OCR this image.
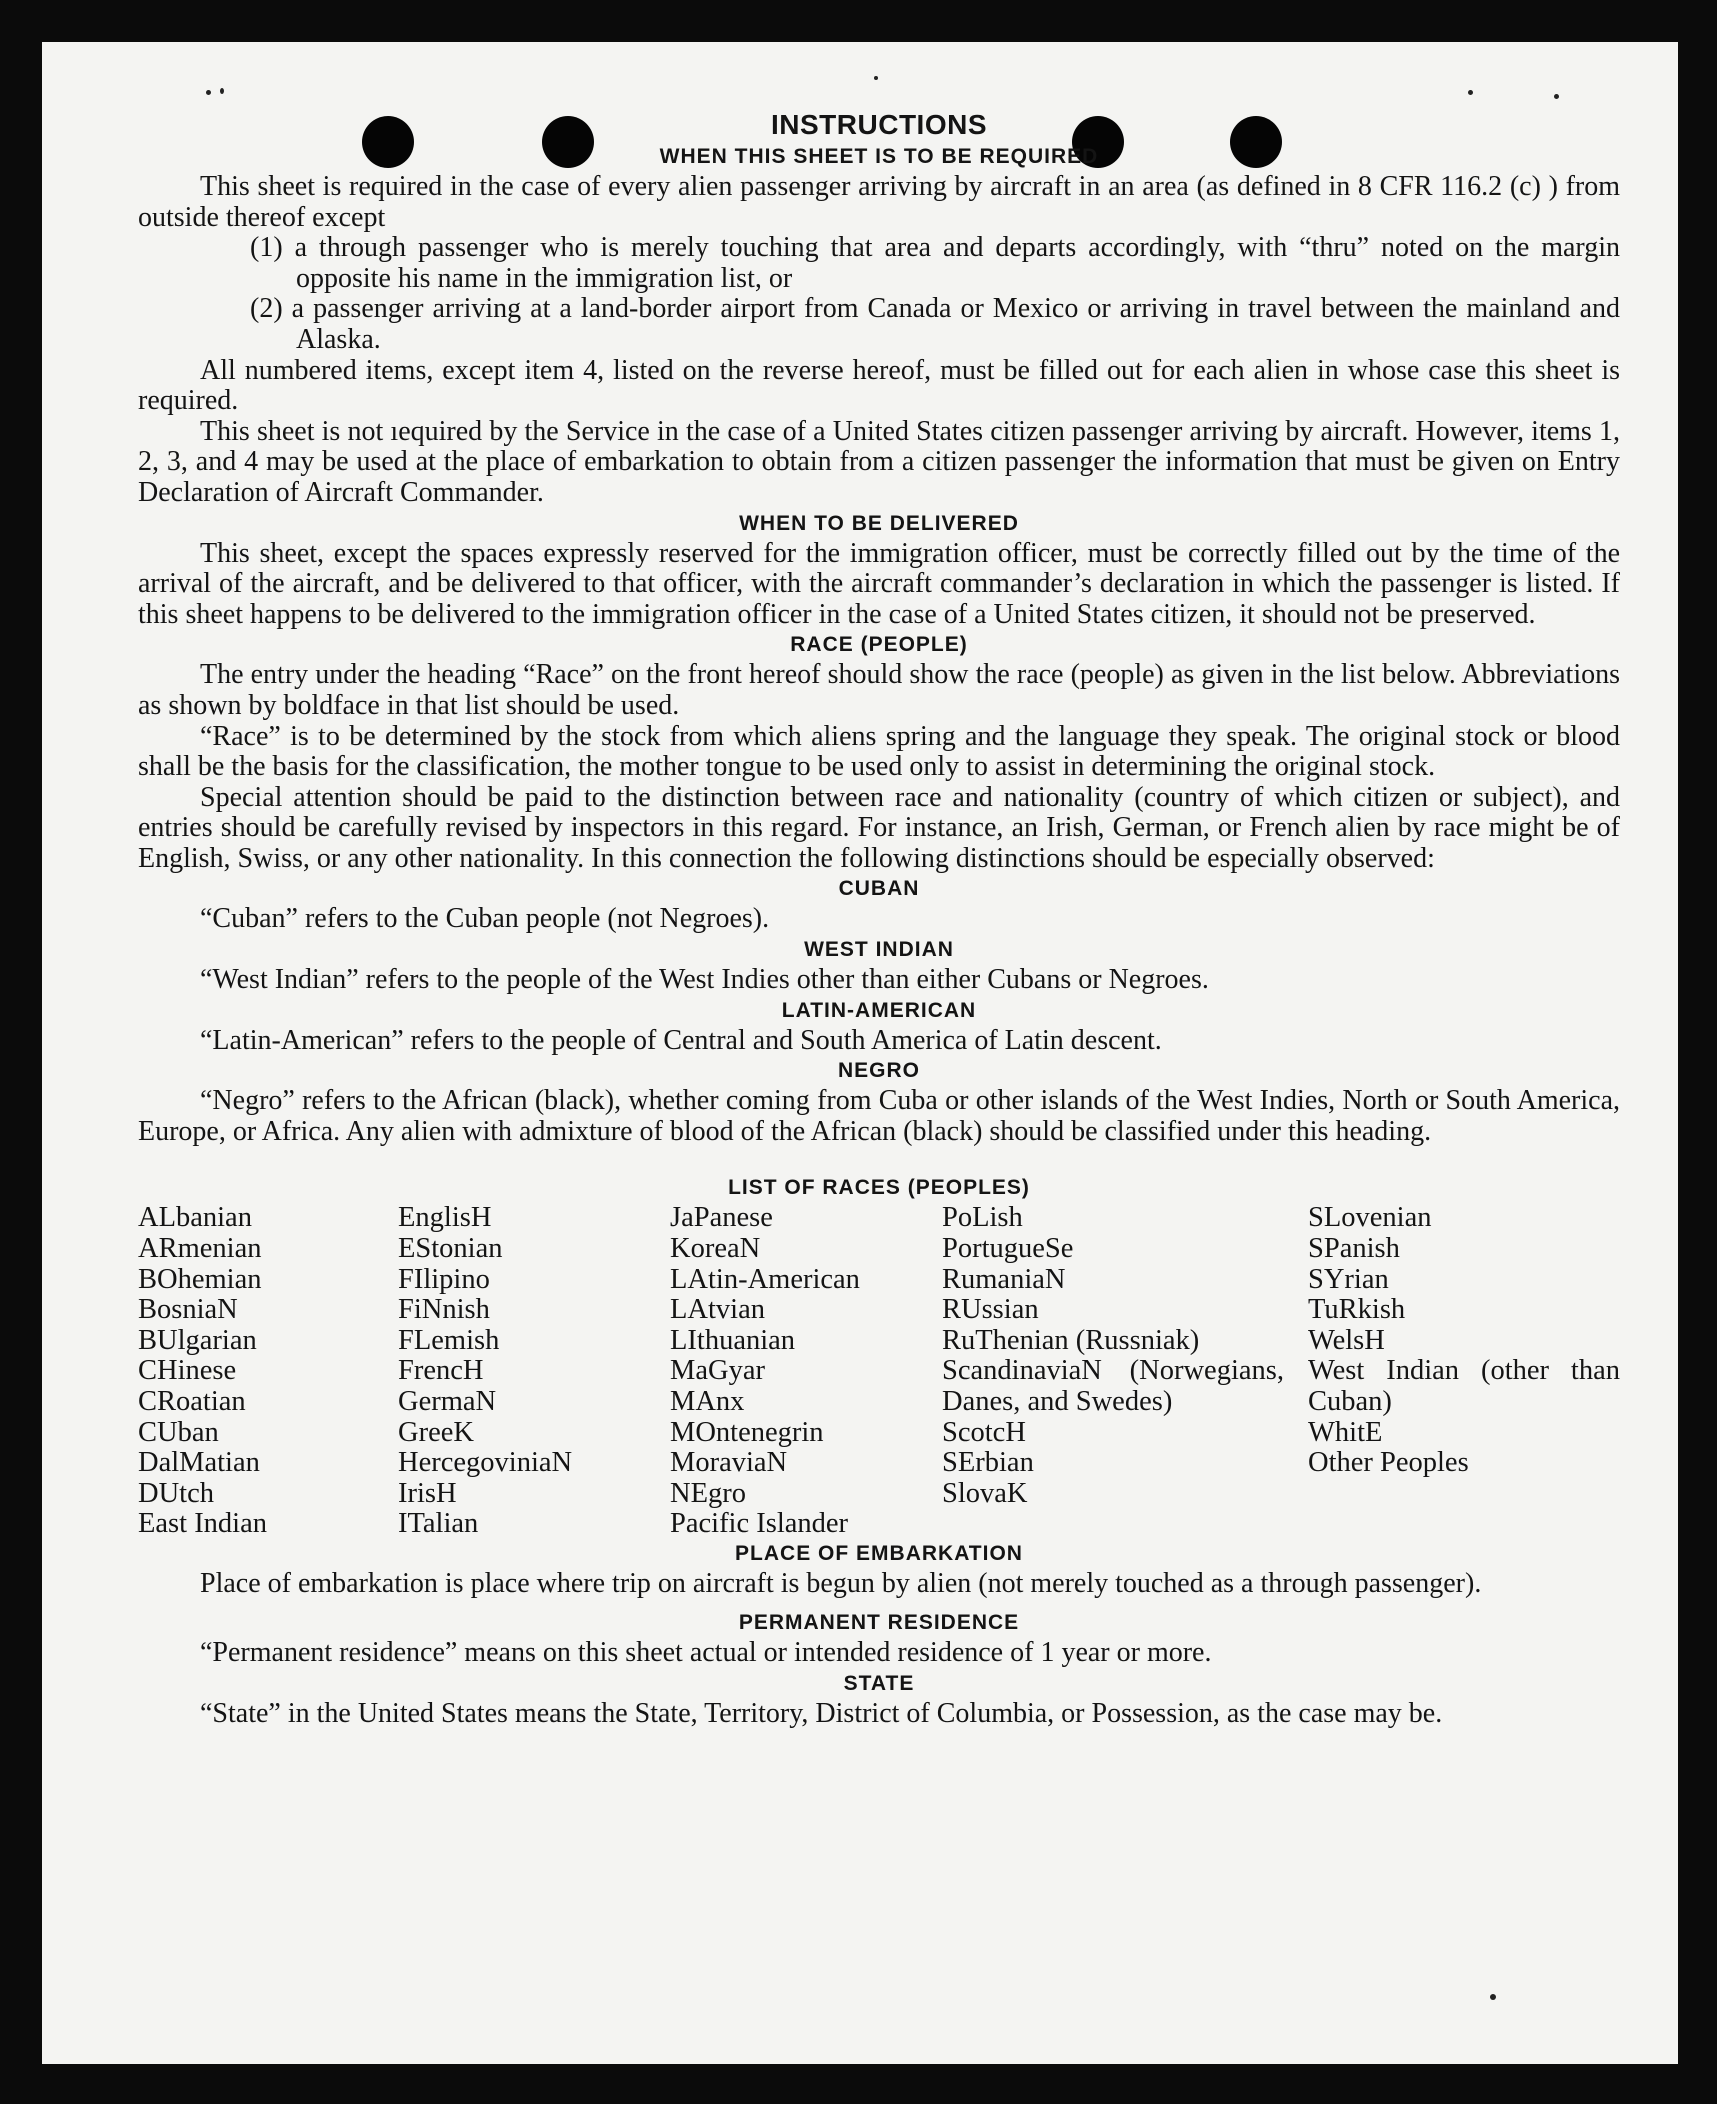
INSTRUCTIONS
WHEN THIS SHEET IS TO BE REQUIRED

This sheet is required in the case of every alien passenger arriving by aircraft in an area (as defined in 8 CFR 116.2 (c) ) from outside thereof except

(1) a through passenger who is merely touching that area and departs accordingly, with “thru” noted on the margin opposite his name in the immigration list, or

(2) a passenger arriving at a land-border airport from Canada or Mexico or arriving in travel between the mainland and Alaska.

All numbered items, except item 4, listed on the reverse hereof, must be filled out for each alien in whose case this sheet is required.

This sheet is not ıequired by the Service in the case of a United States citizen passenger arriving by aircraft. However, items 1, 2, 3, and 4 may be used at the place of embarkation to obtain from a citizen passenger the information that must be given on Entry Declaration of Aircraft Commander.

WHEN TO BE DELIVERED

This sheet, except the spaces expressly reserved for the immigration officer, must be correctly filled out by the time of the arrival of the aircraft, and be delivered to that officer, with the aircraft commander’s declaration in which the passenger is listed. If this sheet happens to be delivered to the immigration officer in the case of a United States citizen, it should not be preserved.

RACE (PEOPLE)

The entry under the heading “Race” on the front hereof should show the race (people) as given in the list below. Abbreviations as shown by boldface in that list should be used.

“Race” is to be determined by the stock from which aliens spring and the language they speak. The original stock or blood shall be the basis for the classification, the mother tongue to be used only to assist in determining the original stock.

Special attention should be paid to the distinction between race and nationality (country of which citizen or subject), and entries should be carefully revised by inspectors in this regard. For instance, an Irish, German, or French alien by race might be of English, Swiss, or any other nationality. In this connection the following distinctions should be especially observed:

CUBAN

“Cuban” refers to the Cuban people (not Negroes).

WEST INDIAN

“West Indian” refers to the people of the West Indies other than either Cubans or Negroes.

LATIN-AMERICAN

“Latin-American” refers to the people of Central and South America of Latin descent.

NEGRO

“Negro” refers to the African (black), whether coming from Cuba or other islands of the West Indies, North or South America, Europe, or Africa. Any alien with admixture of blood of the African (black) should be classified under this heading.

LIST OF RACES (PEOPLES)
ALbanian
ARmenian
BOhemian
BosniaN
BUlgarian
CHinese
CRoatian
CUban
DalMatian
DUtch
East Indian
EnglisH
EStonian
FIlipino
FiNnish
FLemish
FrencH
GermaN
GreeK
HercegoviniaN
IrisH
ITalian
JaPanese
KoreaN
LAtin-American
LAtvian
LIthuanian
MaGyar
MAnx
MOntenegrin
MoraviaN
NEgro
Pacific Islander
PoLish
PortugueSe
RumaniaN
RUssian
RuThenian (Russniak)
ScandinaviaN (Norwegians, Danes, and Swedes)
ScotcH
SErbian
SlovaK
SLovenian
SPanish
SYrian
TuRkish
WelsH
West Indian (other than Cuban)
WhitE
Other Peoples
PLACE OF EMBARKATION

Place of embarkation is place where trip on aircraft is begun by alien (not merely touched as a through passenger).

PERMANENT RESIDENCE

“Permanent residence” means on this sheet actual or intended residence of 1 year or more.

STATE

“State” in the United States means the State, Territory, District of Columbia, or Possession, as the case may be.
